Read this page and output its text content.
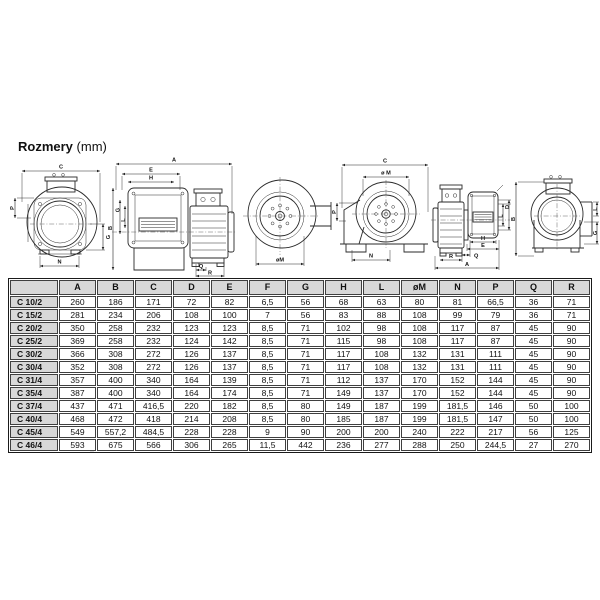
Rozmery (mm)
C
P
G
N
A
E
H
B
G
L
Q
R
øM
C
ø M
P
N
L
D
H
E
Q
R
A
B
L
G
	A	B	C	D	E	F	G	H	L	øM	N	P	Q	R
C 10/2	260	186	171	72	82	6,5	56	68	63	80	81	66,5	36	71
C 15/2	281	234	206	108	100	7	56	83	88	108	99	79	36	71
C 20/2	350	258	232	123	123	8,5	71	102	98	108	117	87	45	90
C 25/2	369	258	232	124	142	8,5	71	115	98	108	117	87	45	90
C 30/2	366	308	272	126	137	8,5	71	117	108	132	131	111	45	90
C 30/4	352	308	272	126	137	8,5	71	117	108	132	131	111	45	90
C 31/4	357	400	340	164	139	8,5	71	112	137	170	152	144	45	90
C 35/4	387	400	340	164	174	8,5	71	149	137	170	152	144	45	90
C 37/4	437	471	416,5	220	182	8,5	80	149	187	199	181,5	146	50	100
C 40/4	468	472	418	214	208	8,5	80	185	187	199	181,5	147	50	100
C 45/4	549	557,2	484,5	228	228	9	90	200	200	240	222	217	56	125
C 46/4	593	675	566	306	265	11,5	442	236	277	288	250	244,5	27	270
–
